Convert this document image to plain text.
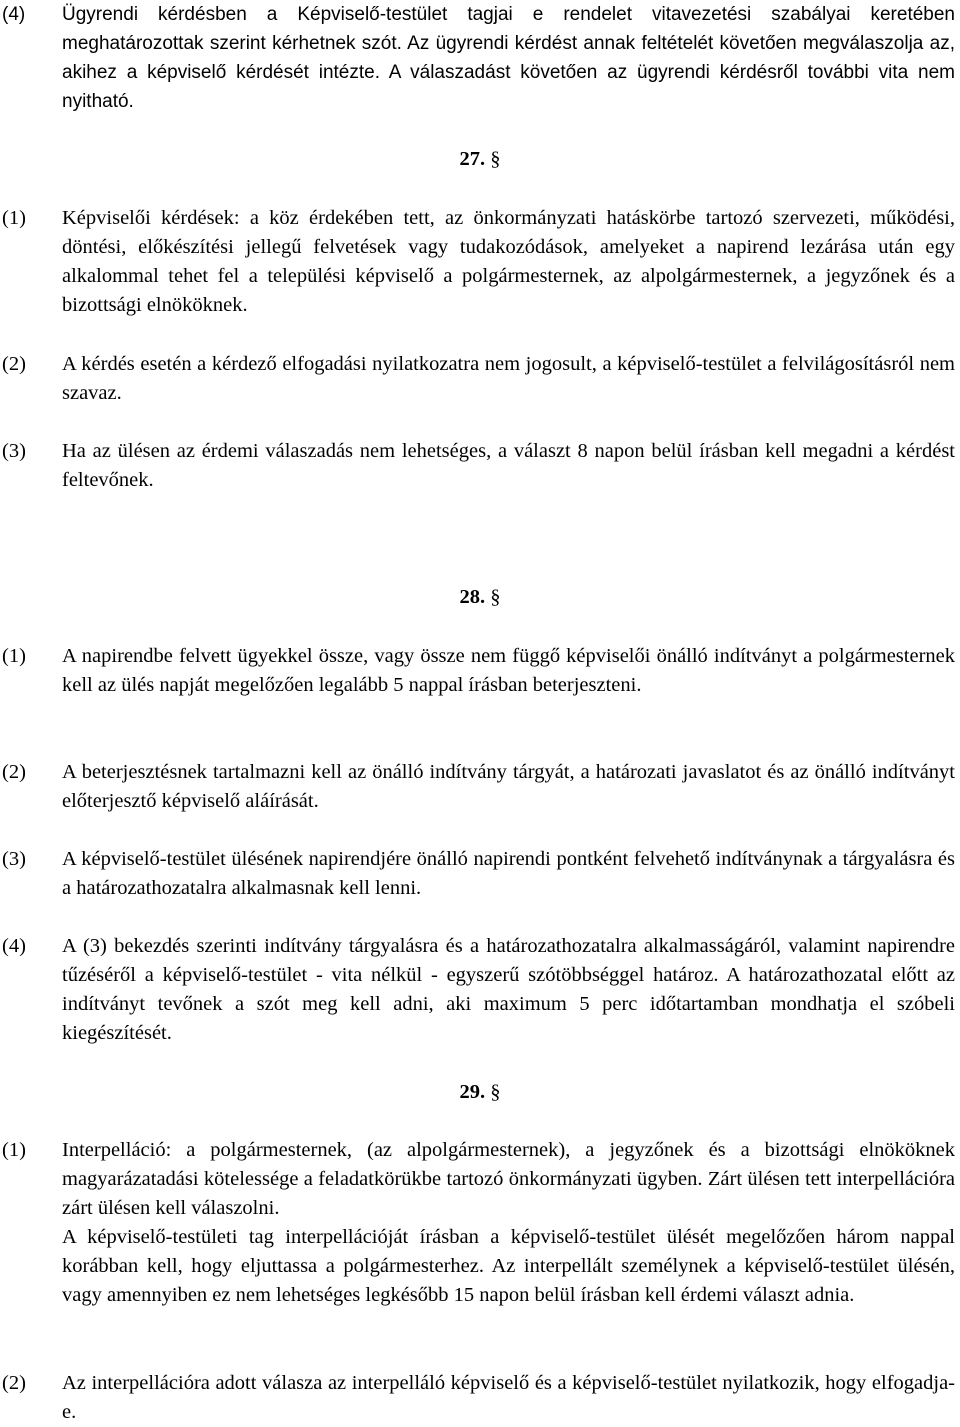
(4)	Ügyrendi kérdésben a Képviselő-testület tagjai e rendelet vitavezetési szabályai keretében meghatározottak szerint kérhetnek szót. Az ügyrendi kérdést annak feltételét követően megválaszolja az, akihez a képviselő kérdését intézte. A válaszadást követően az ügyrendi kérdésről további vita nem nyitható.
27. §
(1)	Képviselői kérdések: a köz érdekében tett, az önkormányzati hatáskörbe tartozó szervezeti, működési, döntési, előkészítési jellegű felvetések vagy tudakozódások, amelyeket a napirend lezárása után egy alkalommal tehet fel a települési képviselő a polgármesternek, az alpolgármesternek, a jegyzőnek és a bizottsági elnököknek.
(2)	A kérdés esetén a kérdező elfogadási nyilatkozatra nem jogosult, a képviselő-testület a felvilágosításról nem szavaz.
(3)	Ha az ülésen az érdemi válaszadás nem lehetséges, a választ 8 napon belül írásban kell megadni a kérdést feltevőnek.
28. §
(1)	A napirendbe felvett ügyekkel össze, vagy össze nem függő képviselői önálló indítványt a polgármesternek kell az ülés napját megelőzően legalább 5 nappal írásban beterjeszteni.
(2)	A beterjesztésnek tartalmazni kell az önálló indítvány tárgyát, a határozati javaslatot és az önálló indítványt előterjesztő képviselő aláírását.
(3)	A képviselő-testület ülésének napirendjére önálló napirendi pontként felvehető indítványnak a tárgyalásra és a határozathozatalra alkalmasnak kell lenni.
(4)	A (3) bekezdés szerinti indítvány tárgyalásra és a határozathozatalra alkalmasságáról, valamint napirendre tűzéséről a képviselő-testület - vita nélkül - egyszerű szótöbbséggel határoz. A határozathozatal előtt az indítványt tevőnek a szót meg kell adni, aki maximum 5 perc időtartamban mondhatja el szóbeli kiegészítését.
29. §
(1)	Interpelláció: a polgármesternek, (az alpolgármesternek), a jegyzőnek és a bizottsági elnököknek magyarázatadási kötelessége a feladatkörükbe tartozó önkormányzati ügyben. Zárt ülésen tett interpellációra zárt ülésen kell válaszolni.

A képviselő-testületi tag interpellációját írásban a képviselő-testület ülését megelőzően három nappal korábban kell, hogy eljuttassa a polgármesterhez. Az interpellált személynek a képviselő-testület ülésén, vagy amennyiben ez nem lehetséges legkésőbb 15 napon belül írásban kell érdemi választ adnia.

(2)	Az interpellációra adott válasza az interpelláló képviselő és a képviselő-testület nyilatkozik, hogy elfogadja-e.
